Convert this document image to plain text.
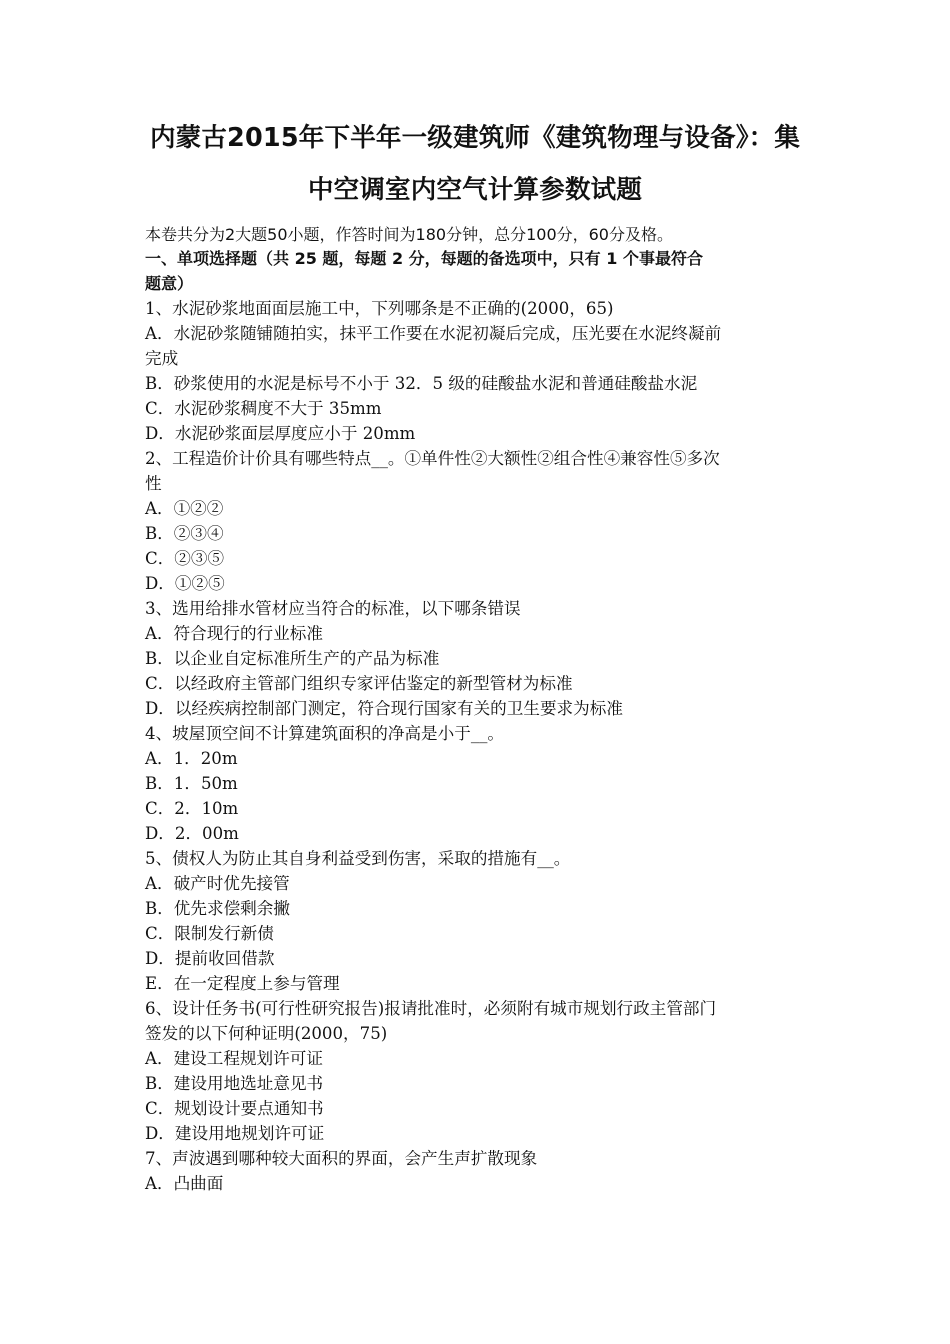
内蒙古2015年下半年一级建筑师《建筑物理与设备》：集
中空调室内空气计算参数试题
本卷共分为2大题50小题，作答时间为180分钟，总分100分，60分及格。
一、单项选择题（共 25 题，每题 2 分，每题的备选项中，只有 1 个事最符合
题意）
1、水泥砂浆地面面层施工中，下列哪条是不正确的(2000，65)
A．水泥砂浆随铺随拍实，抹平工作要在水泥初凝后完成，压光要在水泥终凝前
完成
B．砂浆使用的水泥是标号不小于 32．5 级的硅酸盐水泥和普通硅酸盐水泥
C．水泥砂浆稠度不大于 35mm
D．水泥砂浆面层厚度应小于 20mm
2、工程造价计价具有哪些特点__。①单件性②大额性②组合性④兼容性⑤多次
性
A．①②②
B．②③④
C．②③⑤
D．①②⑤
3、选用给排水管材应当符合的标准，以下哪条错误
A．符合现行的行业标准
B．以企业自定标准所生产的产品为标准
C．以经政府主管部门组织专家评估鉴定的新型管材为标准
D．以经疾病控制部门测定，符合现行国家有关的卫生要求为标准
4、坡屋顶空间不计算建筑面积的净高是小于__。
A．1．20m
B．1．50m
C．2．10m
D．2．00m
5、债权人为防止其自身利益受到伤害，采取的措施有__。
A．破产时优先接管
B．优先求偿剩余撇
C．限制发行新债
D．提前收回借款
E．在一定程度上参与管理
6、设计任务书(可行性研究报告)报请批准时，必须附有城市规划行政主管部门
签发的以下何种证明(2000，75)
A．建设工程规划许可证
B．建设用地选址意见书
C．规划设计要点通知书
D．建设用地规划许可证
7、声波遇到哪种较大面积的界面，会产生声扩散现象
A．凸曲面
